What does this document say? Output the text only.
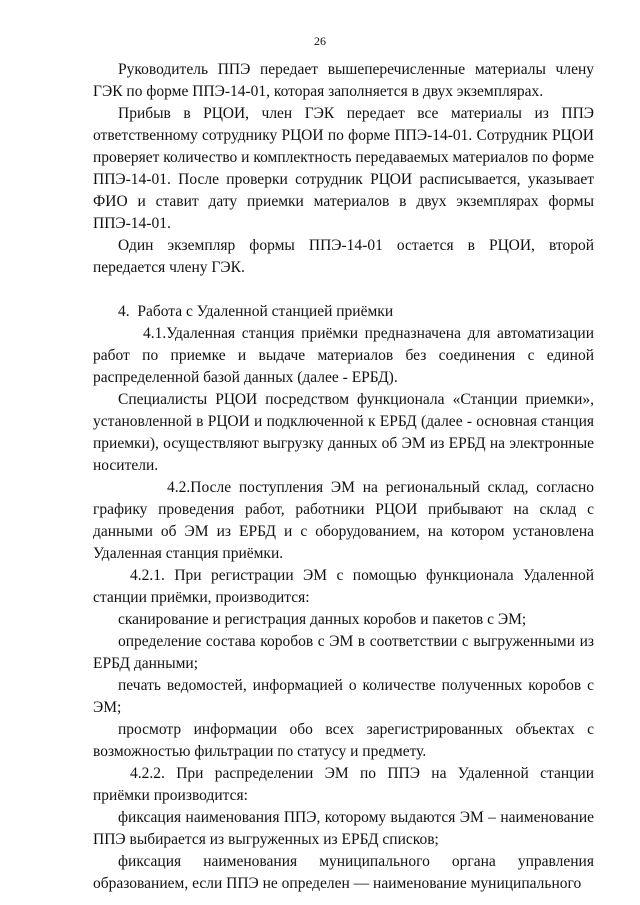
26

Руководитель ППЭ передает вышеперечисленные материалы члену ГЭК по форме ППЭ-14-01, которая заполняется в двух экземплярах.

Прибыв в РЦОИ, член ГЭК передает все материалы из ППЭ ответственному сотруднику РЦОИ по форме ППЭ-14-01. Сотрудник РЦОИ проверяет количество и комплектность передаваемых материалов по форме ППЭ-14-01. После проверки сотрудник РЦОИ расписывается, указывает ФИО и ставит дату приемки материалов в двух экземплярах формы ППЭ-14-01.

Один экземпляр формы ППЭ-14-01 остается в РЦОИ, второй передается члену ГЭК.

4. Работа с Удаленной станцией приёмки

4.1.Удаленная станция приёмки предназначена для автоматизации работ по приемке и выдаче материалов без соединения с единой распределенной базой данных (далее - ЕРБД).

Специалисты РЦОИ посредством функционала «Станции приемки», установленной в РЦОИ и подключенной к ЕРБД (далее - основная станция приемки), осуществляют выгрузку данных об ЭМ из ЕРБД на электронные носители.

4.2.После поступления ЭМ на региональный склад, согласно графику проведения работ, работники РЦОИ прибывают на склад с данными об ЭМ из ЕРБД и с оборудованием, на котором установлена Удаленная станция приёмки.

4.2.1. При регистрации ЭМ с помощью функционала Удаленной станции приёмки, производится:

сканирование и регистрация данных коробов и пакетов с ЭМ;

определение состава коробов с ЭМ в соответствии с выгруженными из ЕРБД данными;

печать ведомостей, информацией о количестве полученных коробов с ЭМ;

просмотр информации обо всех зарегистрированных объектах с возможностью фильтрации по статусу и предмету.

4.2.2. При распределении ЭМ по ППЭ на Удаленной станции приёмки производится:

фиксация наименования ППЭ, которому выдаются ЭМ – наименование ППЭ выбирается из выгруженных из ЕРБД списков;

фиксация наименования муниципального органа управления образованием, если ППЭ не определен — наименование муниципального
